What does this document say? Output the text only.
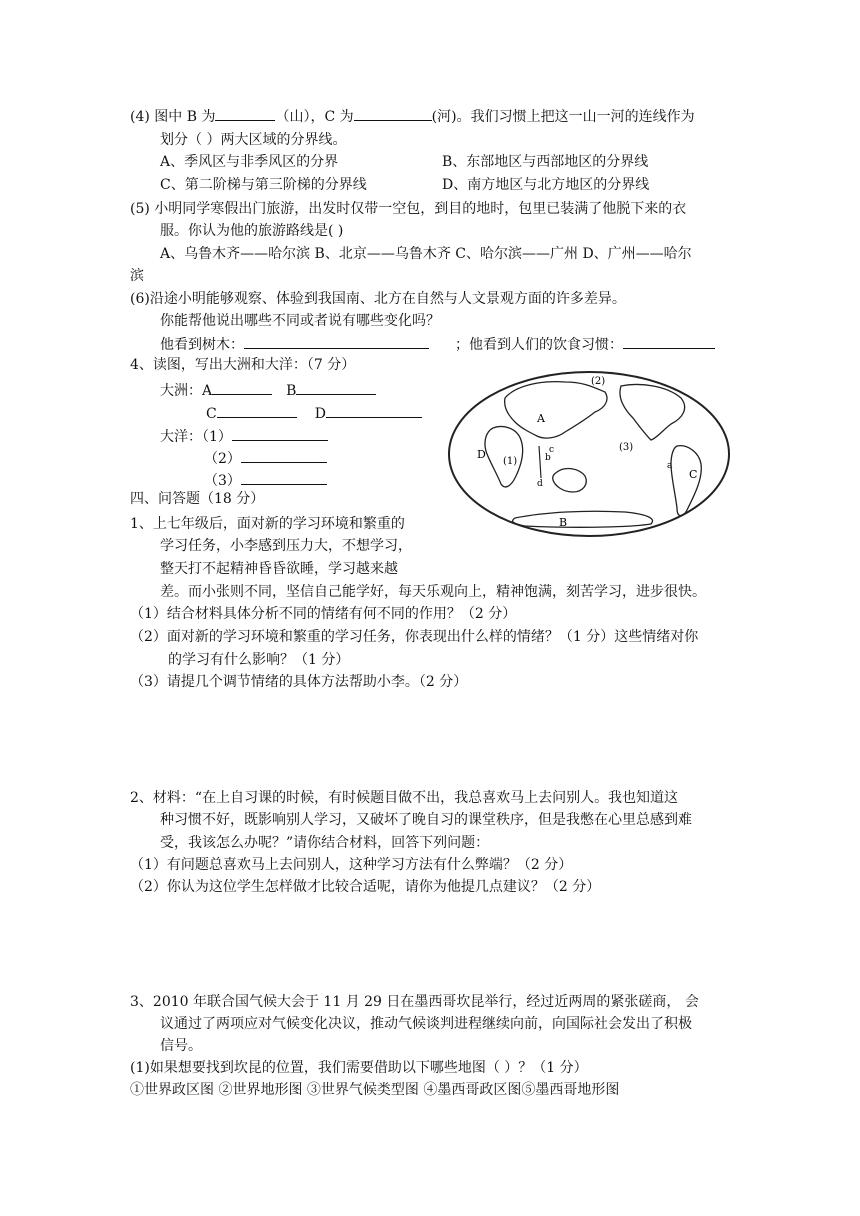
(4) 图中 B 为	（山），C 为	(河)。我们习惯上把这一山一河的连线作为
划分（ ）两大区域的分界线。
A、季风区与非季风区的分界	B、东部地区与西部地区的分界线
C、第二阶梯与第三阶梯的分界线	D、南方地区与北方地区的分界线
(5) 小明同学寒假出门旅游，出发时仅带一空包，到目的地时，包里已装满了他脱下来的衣
服。你认为他的旅游路线是( )
A、乌鲁木齐——哈尔滨 B、北京——乌鲁木齐 C、哈尔滨——广州 D、广州——哈尔
滨
(6)沿途小明能够观察、体验到我国南、北方在自然与人文景观方面的许多差异。
你能帮他说出哪些不同或者说有哪些变化吗？
他看到树木：	；他看到人们的饮食习惯：
4、读图，写出大洲和大洋：（7 分）
大洲：A	B
C	D
大洋：（1）
（2）
（3）
A
B
C
D
(1)
(2)
(3)
a
b
c
d
四、问答题（18 分）
1、上七年级后，面对新的学习环境和繁重的
学习任务，小李感到压力大，不想学习，
整天打不起精神昏昏欲睡，学习越来越
差。而小张则不同，坚信自己能学好，每天乐观向上，精神饱满，刻苦学习，进步很快。
（1）结合材料具体分析不同的情绪有何不同的作用？（2 分）
（2）面对新的学习环境和繁重的学习任务，你表现出什么样的情绪？（1 分）这些情绪对你
的学习有什么影响？（1 分）
（3）请提几个调节情绪的具体方法帮助小李。（2 分）
2、材料：“在上自习课的时候，有时候题目做不出，我总喜欢马上去问别人。我也知道这
种习惯不好，既影响别人学习，又破坏了晚自习的课堂秩序，但是我憋在心里总感到难
受，我该怎么办呢？”请你结合材料，回答下列问题：
（1）有问题总喜欢马上去问别人，这种学习方法有什么弊端？（2 分）
（2）你认为这位学生怎样做才比较合适呢，请你为他提几点建议？（2 分）
3、2010 年联合国气候大会于 11 月 29 日在墨西哥坎昆举行，经过近两周的紧张磋商， 会
议通过了两项应对气候变化决议，推动气候谈判进程继续向前，向国际社会发出了积极
信号。
(1)如果想要找到坎昆的位置，我们需要借助以下哪些地图（ ）？（1 分）
①世界政区图 ②世界地形图 ③世界气候类型图 ④墨西哥政区图⑤墨西哥地形图
